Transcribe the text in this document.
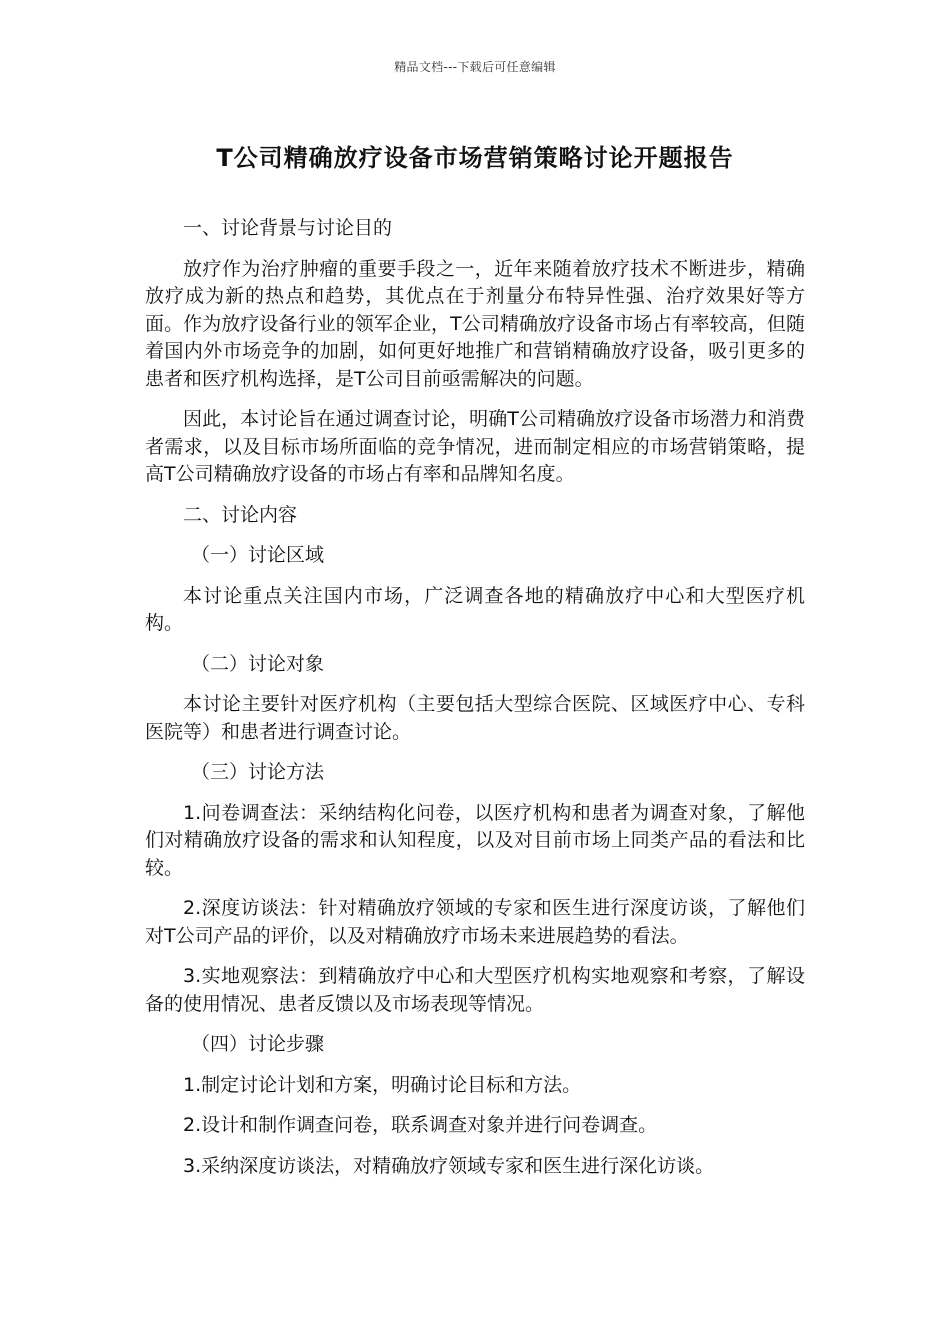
精品文档---下载后可任意编辑
T公司精确放疗设备市场营销策略讨论开题报告

一、讨论背景与讨论目的

放疗作为治疗肿瘤的重要手段之一，近年来随着放疗技术不断进步，精确放疗成为新的热点和趋势，其优点在于剂量分布特异性强、治疗效果好等方面。作为放疗设备行业的领军企业，T公司精确放疗设备市场占有率较高，但随着国内外市场竞争的加剧，如何更好地推广和营销精确放疗设备，吸引更多的患者和医疗机构选择，是T公司目前亟需解决的问题。

因此，本讨论旨在通过调查讨论，明确T公司精确放疗设备市场潜力和消费者需求，以及目标市场所面临的竞争情况，进而制定相应的市场营销策略，提高T公司精确放疗设备的市场占有率和品牌知名度。

二、讨论内容

（一）讨论区域

本讨论重点关注国内市场，广泛调查各地的精确放疗中心和大型医疗机构。

（二）讨论对象

本讨论主要针对医疗机构（主要包括大型综合医院、区域医疗中心、专科医院等）和患者进行调查讨论。

（三）讨论方法

1.问卷调查法：采纳结构化问卷，以医疗机构和患者为调查对象，了解他们对精确放疗设备的需求和认知程度，以及对目前市场上同类产品的看法和比较。

2.深度访谈法：针对精确放疗领域的专家和医生进行深度访谈，了解他们对T公司产品的评价，以及对精确放疗市场未来进展趋势的看法。

3.实地观察法：到精确放疗中心和大型医疗机构实地观察和考察，了解设备的使用情况、患者反馈以及市场表现等情况。

（四）讨论步骤

1.制定讨论计划和方案，明确讨论目标和方法。

2.设计和制作调查问卷，联系调查对象并进行问卷调查。

3.采纳深度访谈法，对精确放疗领域专家和医生进行深化访谈。
